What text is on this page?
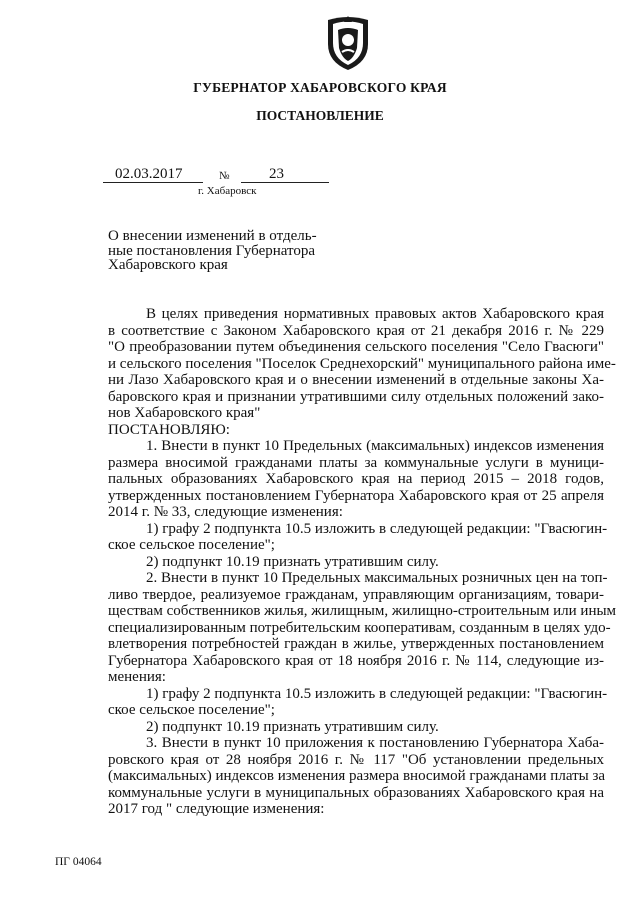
ГУБЕРНАТОР ХАБАРОВСКОГО КРАЯ
ПОСТАНОВЛЕНИЕ
02.03.2017	№	23
г. Хабаровск
О внесении изменений в отдель-
ные постановления Губернатора
Хабаровского края
В целях приведения нормативных правовых актов Хабаровского края
в соответствие с Законом Хабаровского края от 21 декабря 2016 г. № 229
"О преобразовании путем объединения сельского поселения "Село Гвасюги"
и сельского поселения "Поселок Среднехорский" муниципального района име-
ни Лазо Хабаровского края и о внесении изменений в отдельные законы Ха-
баровского края и признании утратившими силу отдельных положений зако-
нов Хабаровского края"
ПОСТАНОВЛЯЮ:
1. Внести в пункт 10 Предельных (максимальных) индексов изменения
размера вносимой гражданами платы за коммунальные услуги в муници-
пальных образованиях Хабаровского края на период 2015 – 2018 годов,
утвержденных постановлением Губернатора Хабаровского края от 25 апреля
2014 г. № 33, следующие изменения:
1) графу 2 подпункта 10.5 изложить в следующей редакции: "Гвасюгин-
ское сельское поселение";
2) подпункт 10.19 признать утратившим силу.
2. Внести в пункт 10 Предельных максимальных розничных цен на топ-
ливо твердое, реализуемое гражданам, управляющим организациям, товари-
ществам собственников жилья, жилищным, жилищно-строительным или иным
специализированным потребительским кооперативам, созданным в целях удо-
влетворения потребностей граждан в жилье, утвержденных постановлением
Губернатора Хабаровского края от 18 ноября 2016 г. № 114, следующие из-
менения:
1) графу 2 подпункта 10.5 изложить в следующей редакции: "Гвасюгин-
ское сельское поселение";
2) подпункт 10.19 признать утратившим силу.
3. Внести в пункт 10 приложения к постановлению Губернатора Хаба-
ровского края от 28 ноября 2016 г. № 117 "Об установлении предельных
(максимальных) индексов изменения размера вносимой гражданами платы за
коммунальные услуги в муниципальных образованиях Хабаровского края на
2017 год " следующие изменения:
ПГ 04064
